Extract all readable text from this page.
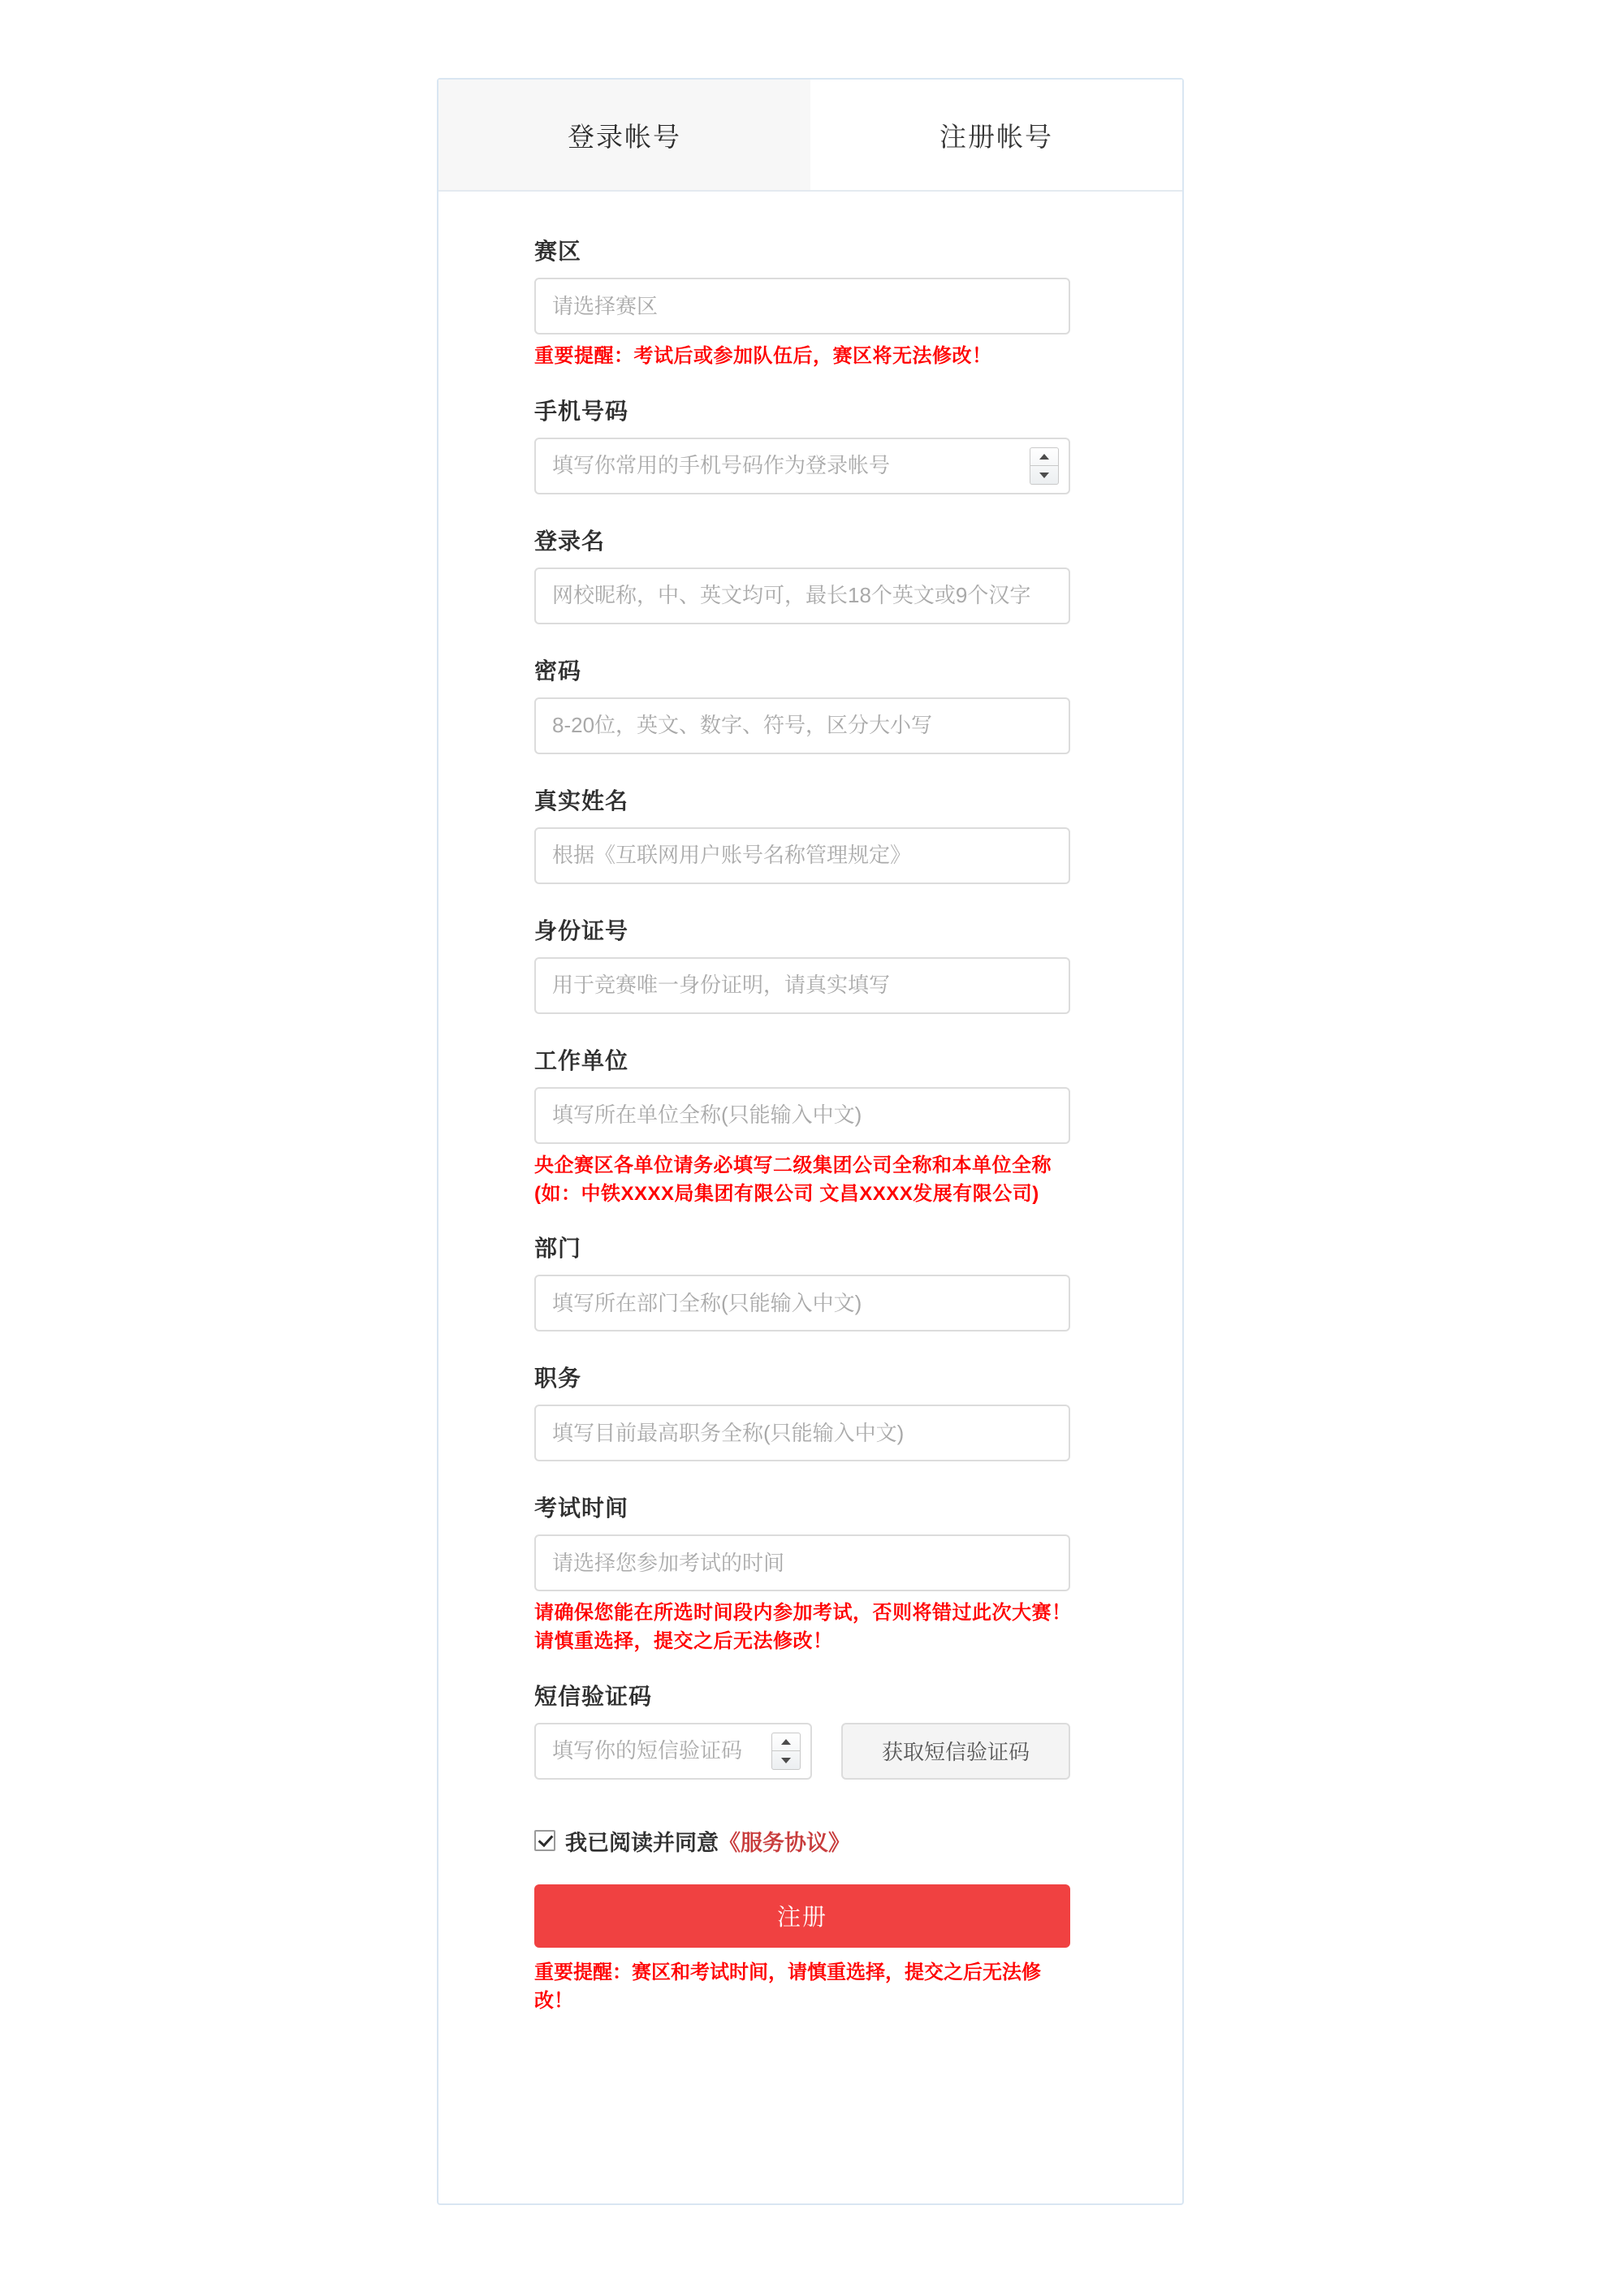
登录帐号	注册帐号
赛区
请选择赛区
重要提醒：考试后或参加队伍后，赛区将无法修改！
手机号码
填写你常用的手机号码作为登录帐号
登录名
网校昵称，中、英文均可，最长18个英文或9个汉字
密码
8-20位，英文、数字、符号，区分大小写
真实姓名
根据《互联网用户账号名称管理规定》
身份证号
用于竞赛唯一身份证明，请真实填写
工作单位
填写所在单位全称(只能输入中文)
央企赛区各单位请务必填写二级集团公司全称和本单位全称(如：中铁XXXX局集团有限公司 文昌XXXX发展有限公司)
部门
填写所在部门全称(只能输入中文)
职务
填写目前最高职务全称(只能输入中文)
考试时间
请选择您参加考试的时间
请确保您能在所选时间段内参加考试，否则将错过此次大赛！请慎重选择，提交之后无法修改！
短信验证码
填写你的短信验证码
获取短信验证码
我已阅读并同意 《服务协议》
注册
重要提醒：赛区和考试时间，请慎重选择，提交之后无法修改！
